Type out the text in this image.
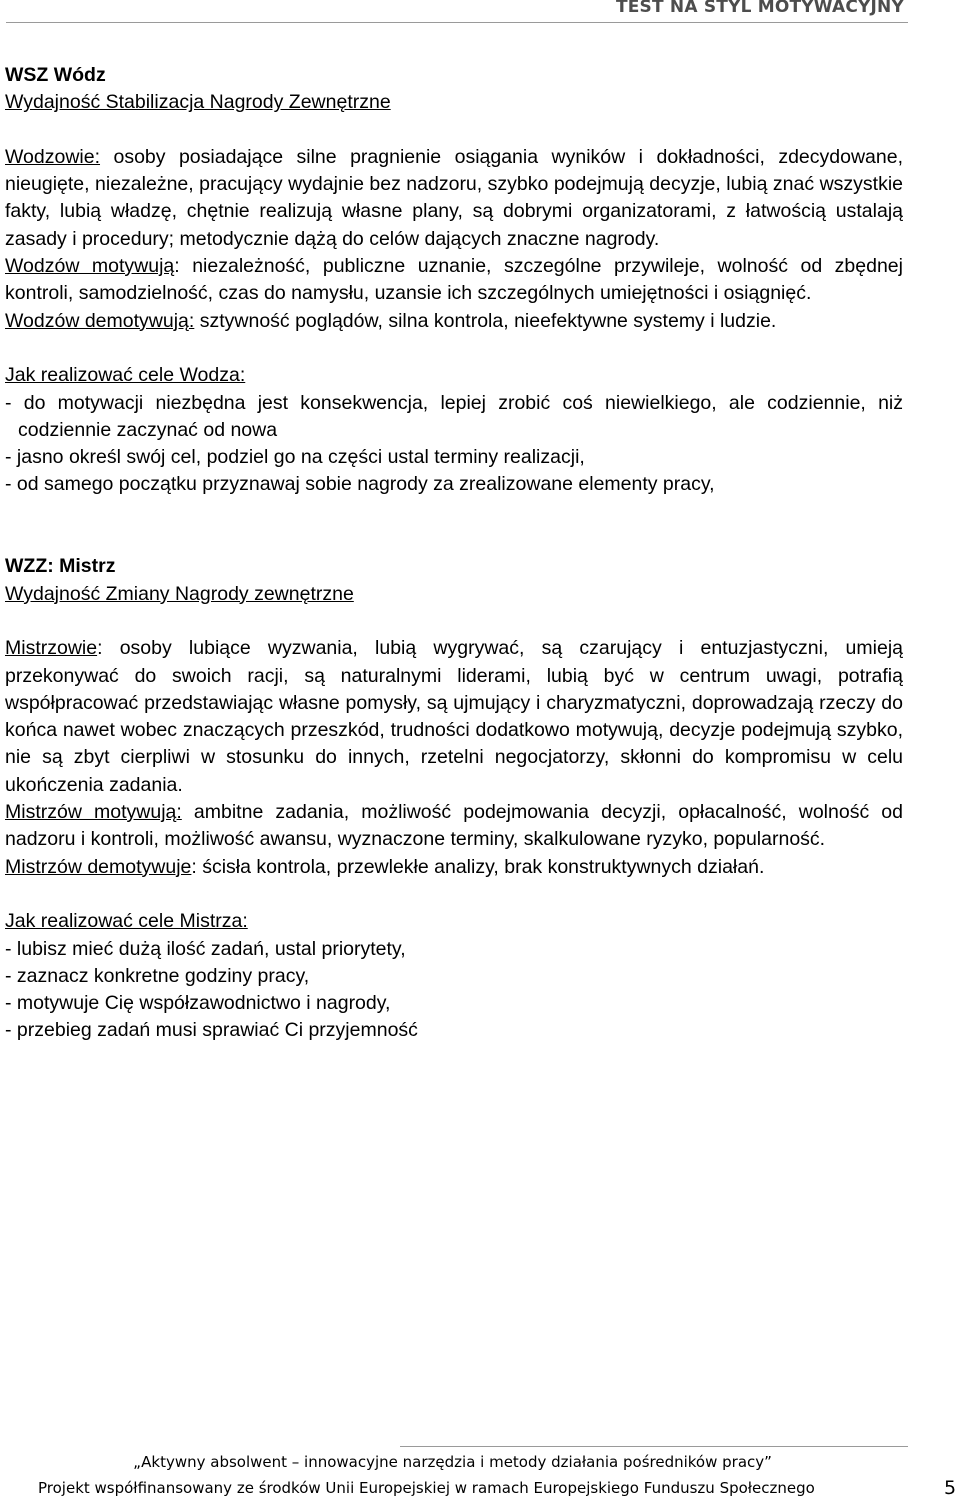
TEST NA STYL MOTYWACYJNY

WSZ Wódz

Wydajność Stabilizacja Nagrody Zewnętrzne

Wodzowie: osoby posiadające silne pragnienie osiągania wyników i dokładności, zdecydowane, nieugięte, niezależne, pracujący wydajnie bez nadzoru, szybko podejmują decyzje, lubią znać wszystkie fakty, lubią władzę, chętnie realizują własne plany, są dobrymi organizatorami, z łatwością ustalają zasady i procedury; metodycznie dążą do celów dających znaczne nagrody.

Wodzów motywują: niezależność, publiczne uznanie, szczególne przywileje, wolność od zbędnej kontroli, samodzielność, czas do namysłu, uzansie ich szczególnych umiejętności i osiągnięć.

Wodzów demotywują: sztywność poglądów, silna kontrola, nieefektywne systemy i ludzie.

Jak realizować cele Wodza:

- do motywacji niezbędna jest konsekwencja, lepiej zrobić coś niewielkiego, ale codziennie, niż codziennie zaczynać od nowa
- jasno określ swój cel, podziel go na części ustal terminy realizacji,
- od samego początku przyznawaj sobie nagrody za zrealizowane elementy pracy,

WZZ: Mistrz

Wydajność Zmiany Nagrody zewnętrzne

Mistrzowie: osoby lubiące wyzwania, lubią wygrywać, są czarujący i entuzjastyczni, umieją przekonywać do swoich racji, są naturalnymi liderami, lubią być w centrum uwagi, potrafią współpracować przedstawiając własne pomysły, są ujmujący i charyzmatyczni, doprowadzają rzeczy do końca nawet wobec znaczących przeszkód, trudności dodatkowo motywują, decyzje podejmują szybko, nie są zbyt cierpliwi w stosunku do innych, rzetelni negocjatorzy, skłonni do kompromisu w celu ukończenia zadania.

Mistrzów motywują: ambitne zadania, możliwość podejmowania decyzji, opłacalność, wolność od nadzoru i kontroli, możliwość awansu, wyznaczone terminy, skalkulowane ryzyko, popularność.

Mistrzów demotywuje: ścisła kontrola, przewlekłe analizy, brak konstruktywnych działań.

Jak realizować cele Mistrza:

- lubisz mieć dużą ilość zadań, ustal priorytety,
- zaznacz konkretne godziny pracy,
- motywuje Cię współzawodnictwo i nagrody,
- przebieg zadań musi sprawiać Ci przyjemność
„Aktywny absolwent – innowacyjne narzędzia i metody działania pośredników pracy”
Projekt współfinansowany ze środków Unii Europejskiej w ramach Europejskiego Funduszu Społecznego	5
